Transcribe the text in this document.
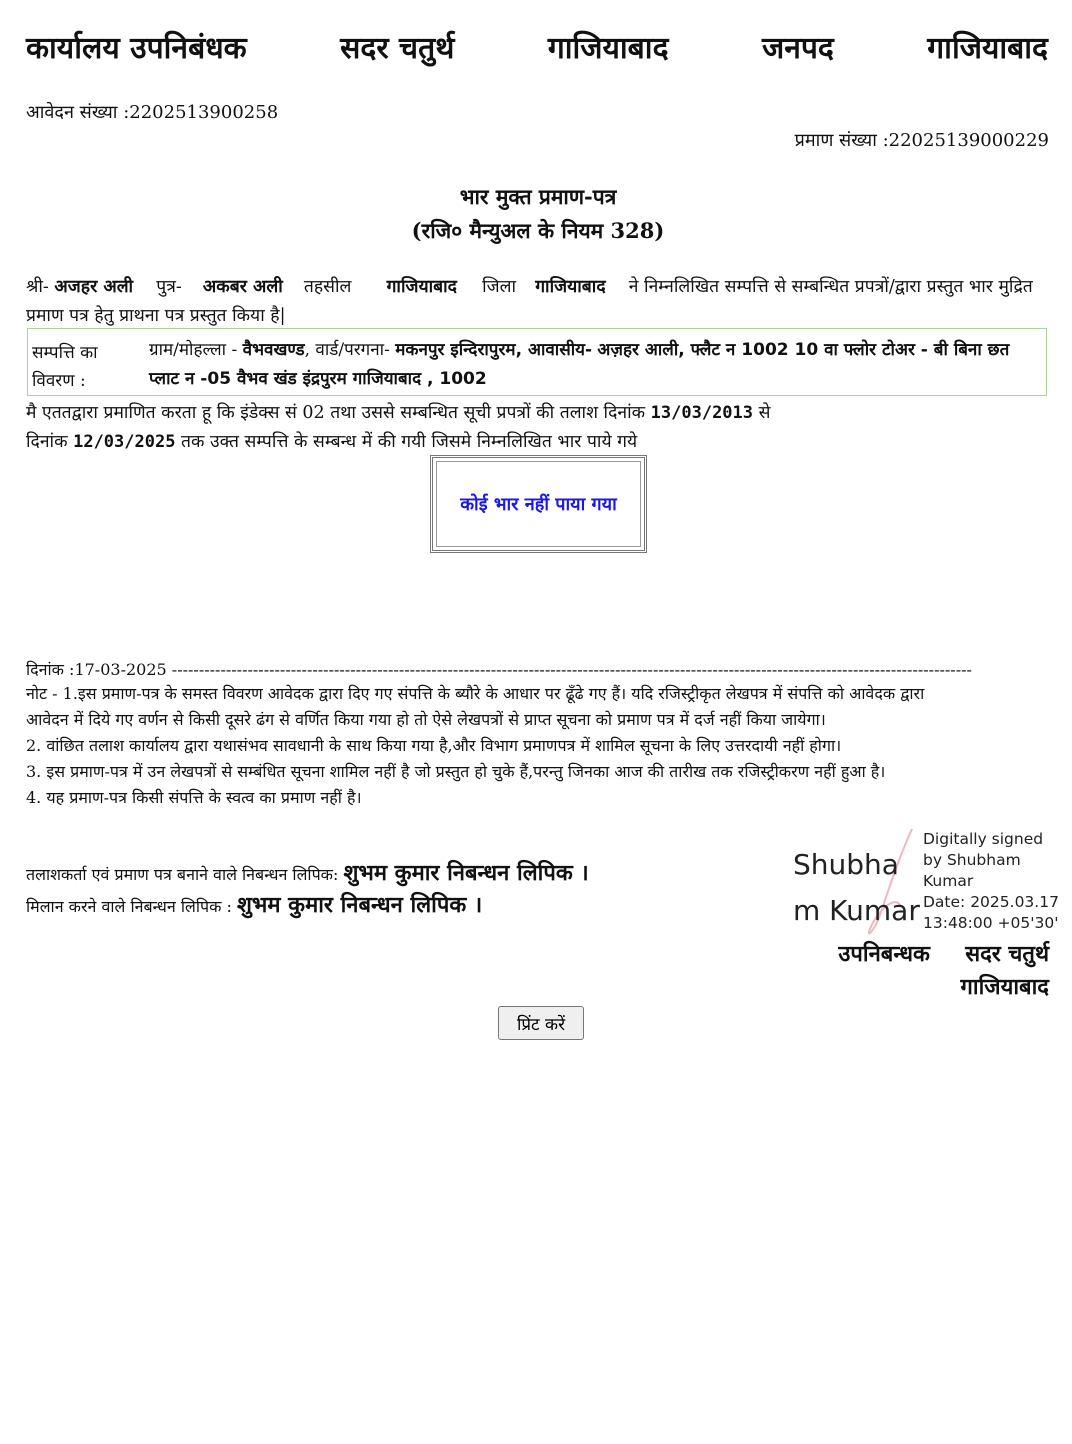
कार्यालय उपनिबंधक	सदर चतुर्थ	गाजियाबाद	जनपद	गाजियाबाद
आवेदन संख्या :2202513900258
प्रमाण संख्या :22025139000229
भार मुक्त प्रमाण-पत्र
(रजि० मैन्युअल के नियम 328)
श्री- अजहर अली पुत्र- अकबर अली तहसील गाजियाबाद जिला गाजियाबाद ने निम्नलिखित सम्पत्ति से सम्बन्धित प्रपत्रों/द्वारा प्रस्तुत भार मुद्रित प्रमाण पत्र हेतु प्राथना पत्र प्रस्तुत किया है|
सम्पत्ति का
विवरण :
ग्राम/मोहल्ला - वैभवखण्ड, वार्ड/परगना- मकनपुर इन्दिरापुरम, आवासीय- अज़हर आली, फ्लैट न 1002 10 वा फ्लोर टोअर - बी बिना छत प्लाट न -05 वैभव खंड इंद्रपुरम गाजियाबाद , 1002
मै एततद्वारा प्रमाणित करता हू कि इंडेक्स सं 02 तथा उससे सम्बन्धित सूची प्रपत्रों की तलाश दिनांक 13/03/2013 से
दिनांक 12/03/2025 तक उक्त सम्पत्ति के सम्बन्ध में की गयी जिसमे निम्नलिखित भार पाये गये
कोई भार नहीं पाया गया
दिनांक :17-03-2025 ----------------------------------------------------------------------------------------------------------------------------------------------------
नोट - 1.इस प्रमाण-पत्र के समस्त विवरण आवेदक द्वारा दिए गए संपत्ति के ब्यौरे के आधार पर ढूँढे गए हैं। यदि रजिस्ट्रीकृत लेखपत्र में संपत्ति को आवेदक द्वारा
आवेदन में दिये गए वर्णन से किसी दूसरे ढंग से वर्णित किया गया हो तो ऐसे लेखपत्रों से प्राप्त सूचना को प्रमाण पत्र में दर्ज नहीं किया जायेगा।
2. वांछित तलाश कार्यालय द्वारा यथासंभव सावधानी के साथ किया गया है,और विभाग प्रमाणपत्र में शामिल सूचना के लिए उत्तरदायी नहीं होगा।
3. इस प्रमाण-पत्र में उन लेखपत्रों से सम्बंधित सूचना शामिल नहीं है जो प्रस्तुत हो चुके हैं,परन्तु जिनका आज की तारीख तक रजिस्ट्रीकरण नहीं हुआ है।
4. यह प्रमाण-पत्र किसी संपत्ति के स्वत्व का प्रमाण नहीं है।
तलाशकर्ता एवं प्रमाण पत्र बनाने वाले निबन्धन लिपिक: शुभम कुमार निबन्धन लिपिक ।
मिलान करने वाले निबन्धन लिपिक : शुभम कुमार निबन्धन लिपिक ।
Shubha
m Kumar
Digitally signed
by Shubham
Kumar
Date: 2025.03.17
13:48:00 +05'30'
उपनिबन्धक सदर चतुर्थ
गाजियाबाद
प्रिंट करें
